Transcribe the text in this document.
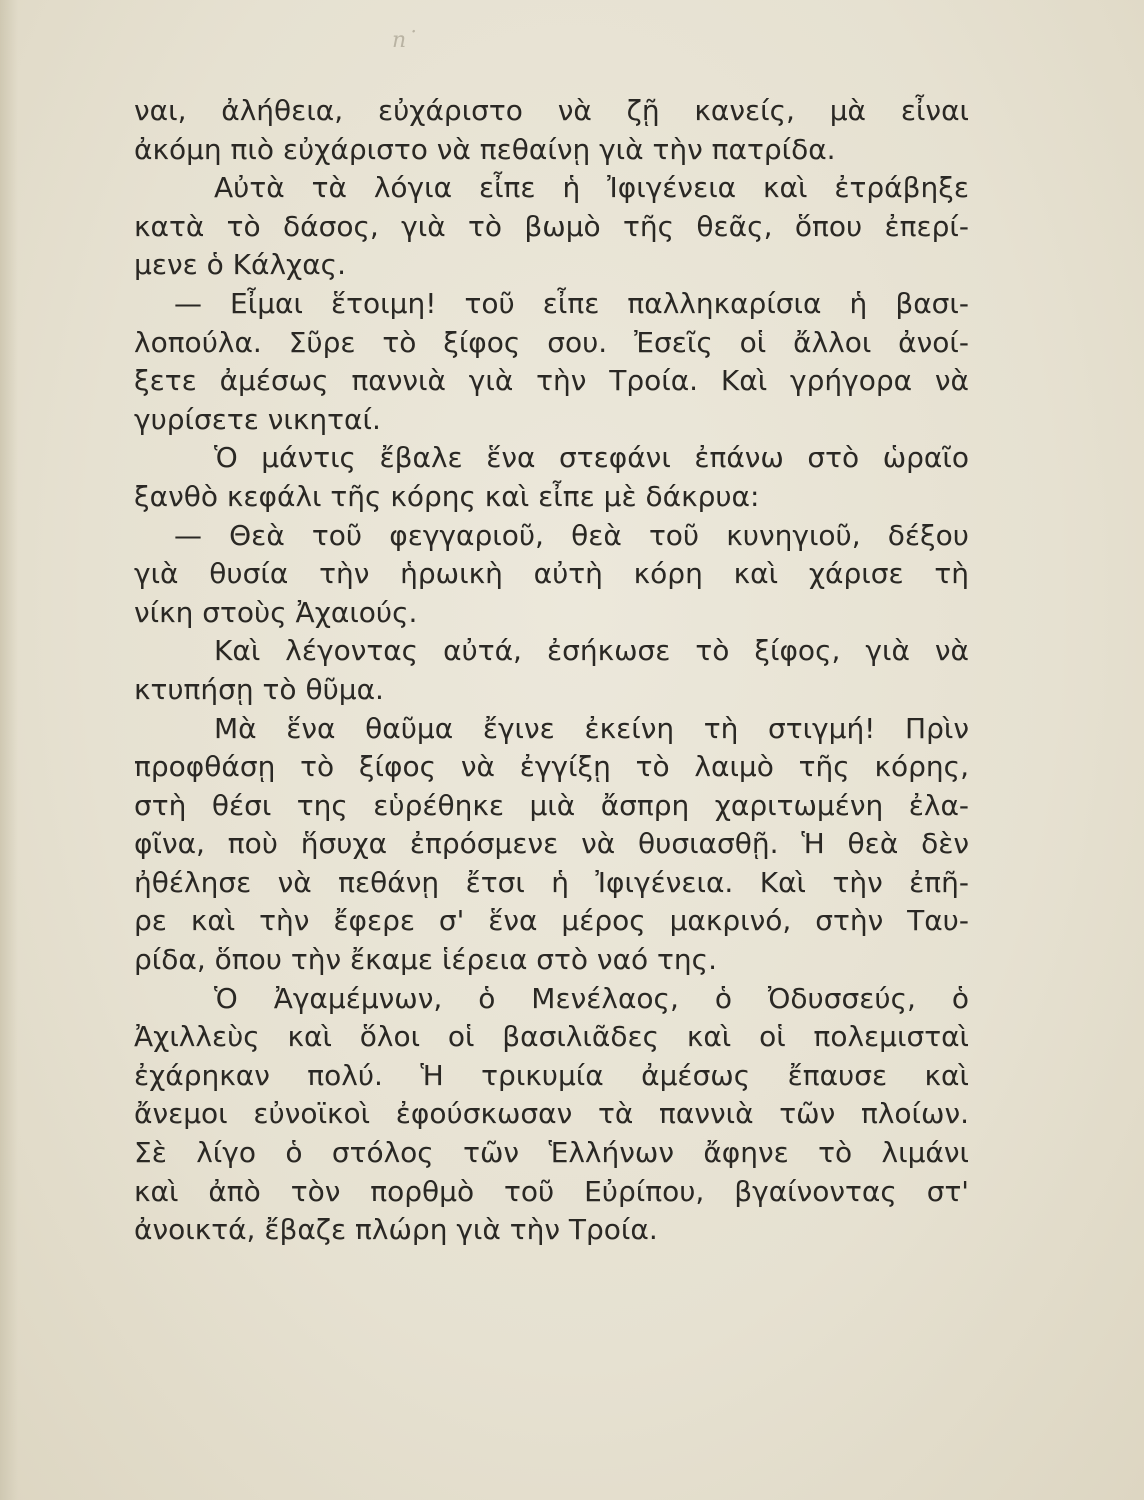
n˙
ναι, ἀλήθεια, εὐχάριστο νὰ ζῇ κανείς, μὰ εἶναι
ἀκόμη πιὸ εὐχάριστο νὰ πεθαίνῃ γιὰ τὴν πατρίδα.
Αὐτὰ τὰ λόγια εἶπε ἡ Ἰφιγένεια καὶ ἐτράβηξε
κατὰ τὸ δάσος, γιὰ τὸ βωμὸ τῆς θεᾶς, ὅπου ἐπερί-
μενε ὁ Κάλχας.
— Εἶμαι ἕτοιμη! τοῦ εἶπε παλληκαρίσια ἡ βασι-
λοπούλα. Σῦρε τὸ ξίφος σου. Ἐσεῖς οἱ ἄλλοι ἀνοί-
ξετε ἀμέσως παννιὰ γιὰ τὴν Τροία. Καὶ γρήγορα νὰ
γυρίσετε νικηταί.
Ὁ μάντις ἔβαλε ἕνα στεφάνι ἐπάνω στὸ ὡραῖο
ξανθὸ κεφάλι τῆς κόρης καὶ εἶπε μὲ δάκρυα:
— Θεὰ τοῦ φεγγαριοῦ, θεὰ τοῦ κυνηγιοῦ, δέξου
γιὰ θυσία τὴν ἡρωικὴ αὐτὴ κόρη καὶ χάρισε τὴ
νίκη στοὺς Ἀχαιούς.
Καὶ λέγοντας αὐτά, ἐσήκωσε τὸ ξίφος, γιὰ νὰ
κτυπήσῃ τὸ θῦμα.
Μὰ ἕνα θαῦμα ἔγινε ἐκείνη τὴ στιγμή! Πρὶν
προφθάσῃ τὸ ξίφος νὰ ἐγγίξῃ τὸ λαιμὸ τῆς κόρης,
στὴ θέσι της εὑρέθηκε μιὰ ἄσπρη χαριτωμένη ἐλα-
φῖνα, ποὺ ἥσυχα ἐπρόσμενε νὰ θυσιασθῇ. Ἡ θεὰ δὲν
ἠθέλησε νὰ πεθάνῃ ἔτσι ἡ Ἰφιγένεια. Καὶ τὴν ἐπῆ-
ρε καὶ τὴν ἔφερε σ' ἕνα μέρος μακρινό, στὴν Ταυ-
ρίδα, ὅπου τὴν ἔκαμε ἱέρεια στὸ ναό της.
Ὁ Ἀγαμέμνων, ὁ Μενέλαος, ὁ Ὀδυσσεύς, ὁ
Ἀχιλλεὺς καὶ ὅλοι οἱ βασιλιᾶδες καὶ οἱ πολεμισταὶ
ἐχάρηκαν πολύ. Ἡ τρικυμία ἀμέσως ἔπαυσε καὶ
ἄνεμοι εὐνοϊκοὶ ἐφούσκωσαν τὰ παννιὰ τῶν πλοίων.
Σὲ λίγο ὁ στόλος τῶν Ἑλλήνων ἄφηνε τὸ λιμάνι
καὶ ἀπὸ τὸν πορθμὸ τοῦ Εὐρίπου, βγαίνοντας στ'
ἀνοικτά, ἔβαζε πλώρη γιὰ τὴν Τροία.
